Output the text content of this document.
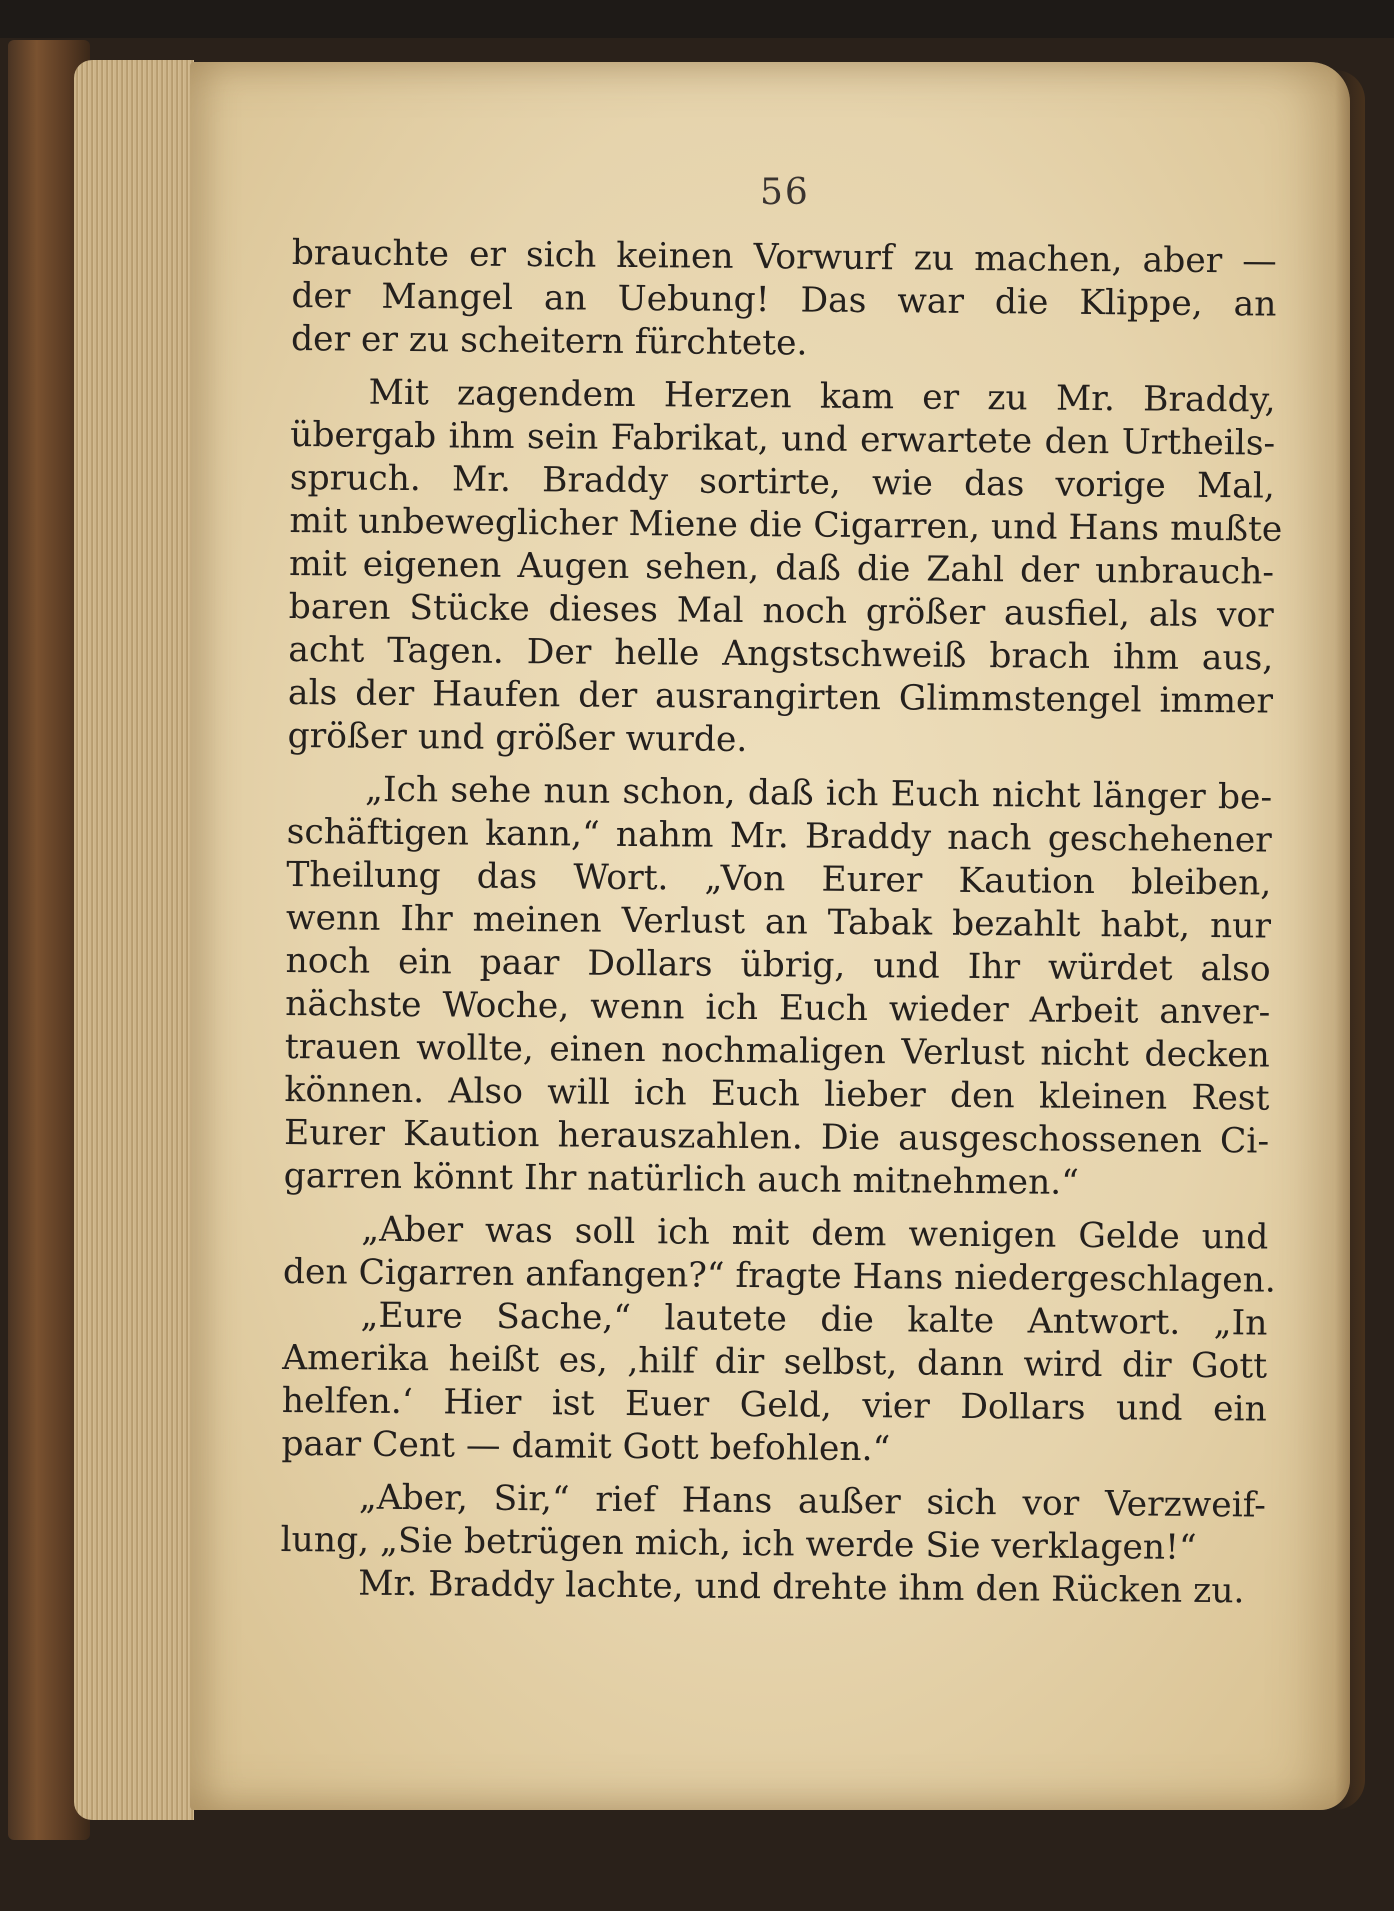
56
brauchte er sich keinen Vorwurf zu machen, aber —
der Mangel an Uebung! Das war die Klippe, an
der er zu scheitern fürchtete.
Mit zagendem Herzen kam er zu Mr. Braddy,
übergab ihm sein Fabrikat, und erwartete den Urtheils-
spruch. Mr. Braddy sortirte, wie das vorige Mal,
mit unbeweglicher Miene die Cigarren, und Hans mußte
mit eigenen Augen sehen, daß die Zahl der unbrauch-
baren Stücke dieses Mal noch größer ausfiel, als vor
acht Tagen. Der helle Angstschweiß brach ihm aus,
als der Haufen der ausrangirten Glimmstengel immer
größer und größer wurde.
„Ich sehe nun schon, daß ich Euch nicht länger be-
schäftigen kann,“ nahm Mr. Braddy nach geschehener
Theilung das Wort. „Von Eurer Kaution bleiben,
wenn Ihr meinen Verlust an Tabak bezahlt habt, nur
noch ein paar Dollars übrig, und Ihr würdet also
nächste Woche, wenn ich Euch wieder Arbeit anver-
trauen wollte, einen nochmaligen Verlust nicht decken
können. Also will ich Euch lieber den kleinen Rest
Eurer Kaution herauszahlen. Die ausgeschossenen Ci-
garren könnt Ihr natürlich auch mitnehmen.“
„Aber was soll ich mit dem wenigen Gelde und
den Cigarren anfangen?“ fragte Hans niedergeschlagen.
„Eure Sache,“ lautete die kalte Antwort. „In
Amerika heißt es, ‚hilf dir selbst, dann wird dir Gott
helfen.‘ Hier ist Euer Geld, vier Dollars und ein
paar Cent — damit Gott befohlen.“
„Aber, Sir,“ rief Hans außer sich vor Verzweif-
lung, „Sie betrügen mich, ich werde Sie verklagen!“
Mr. Braddy lachte, und drehte ihm den Rücken zu.
